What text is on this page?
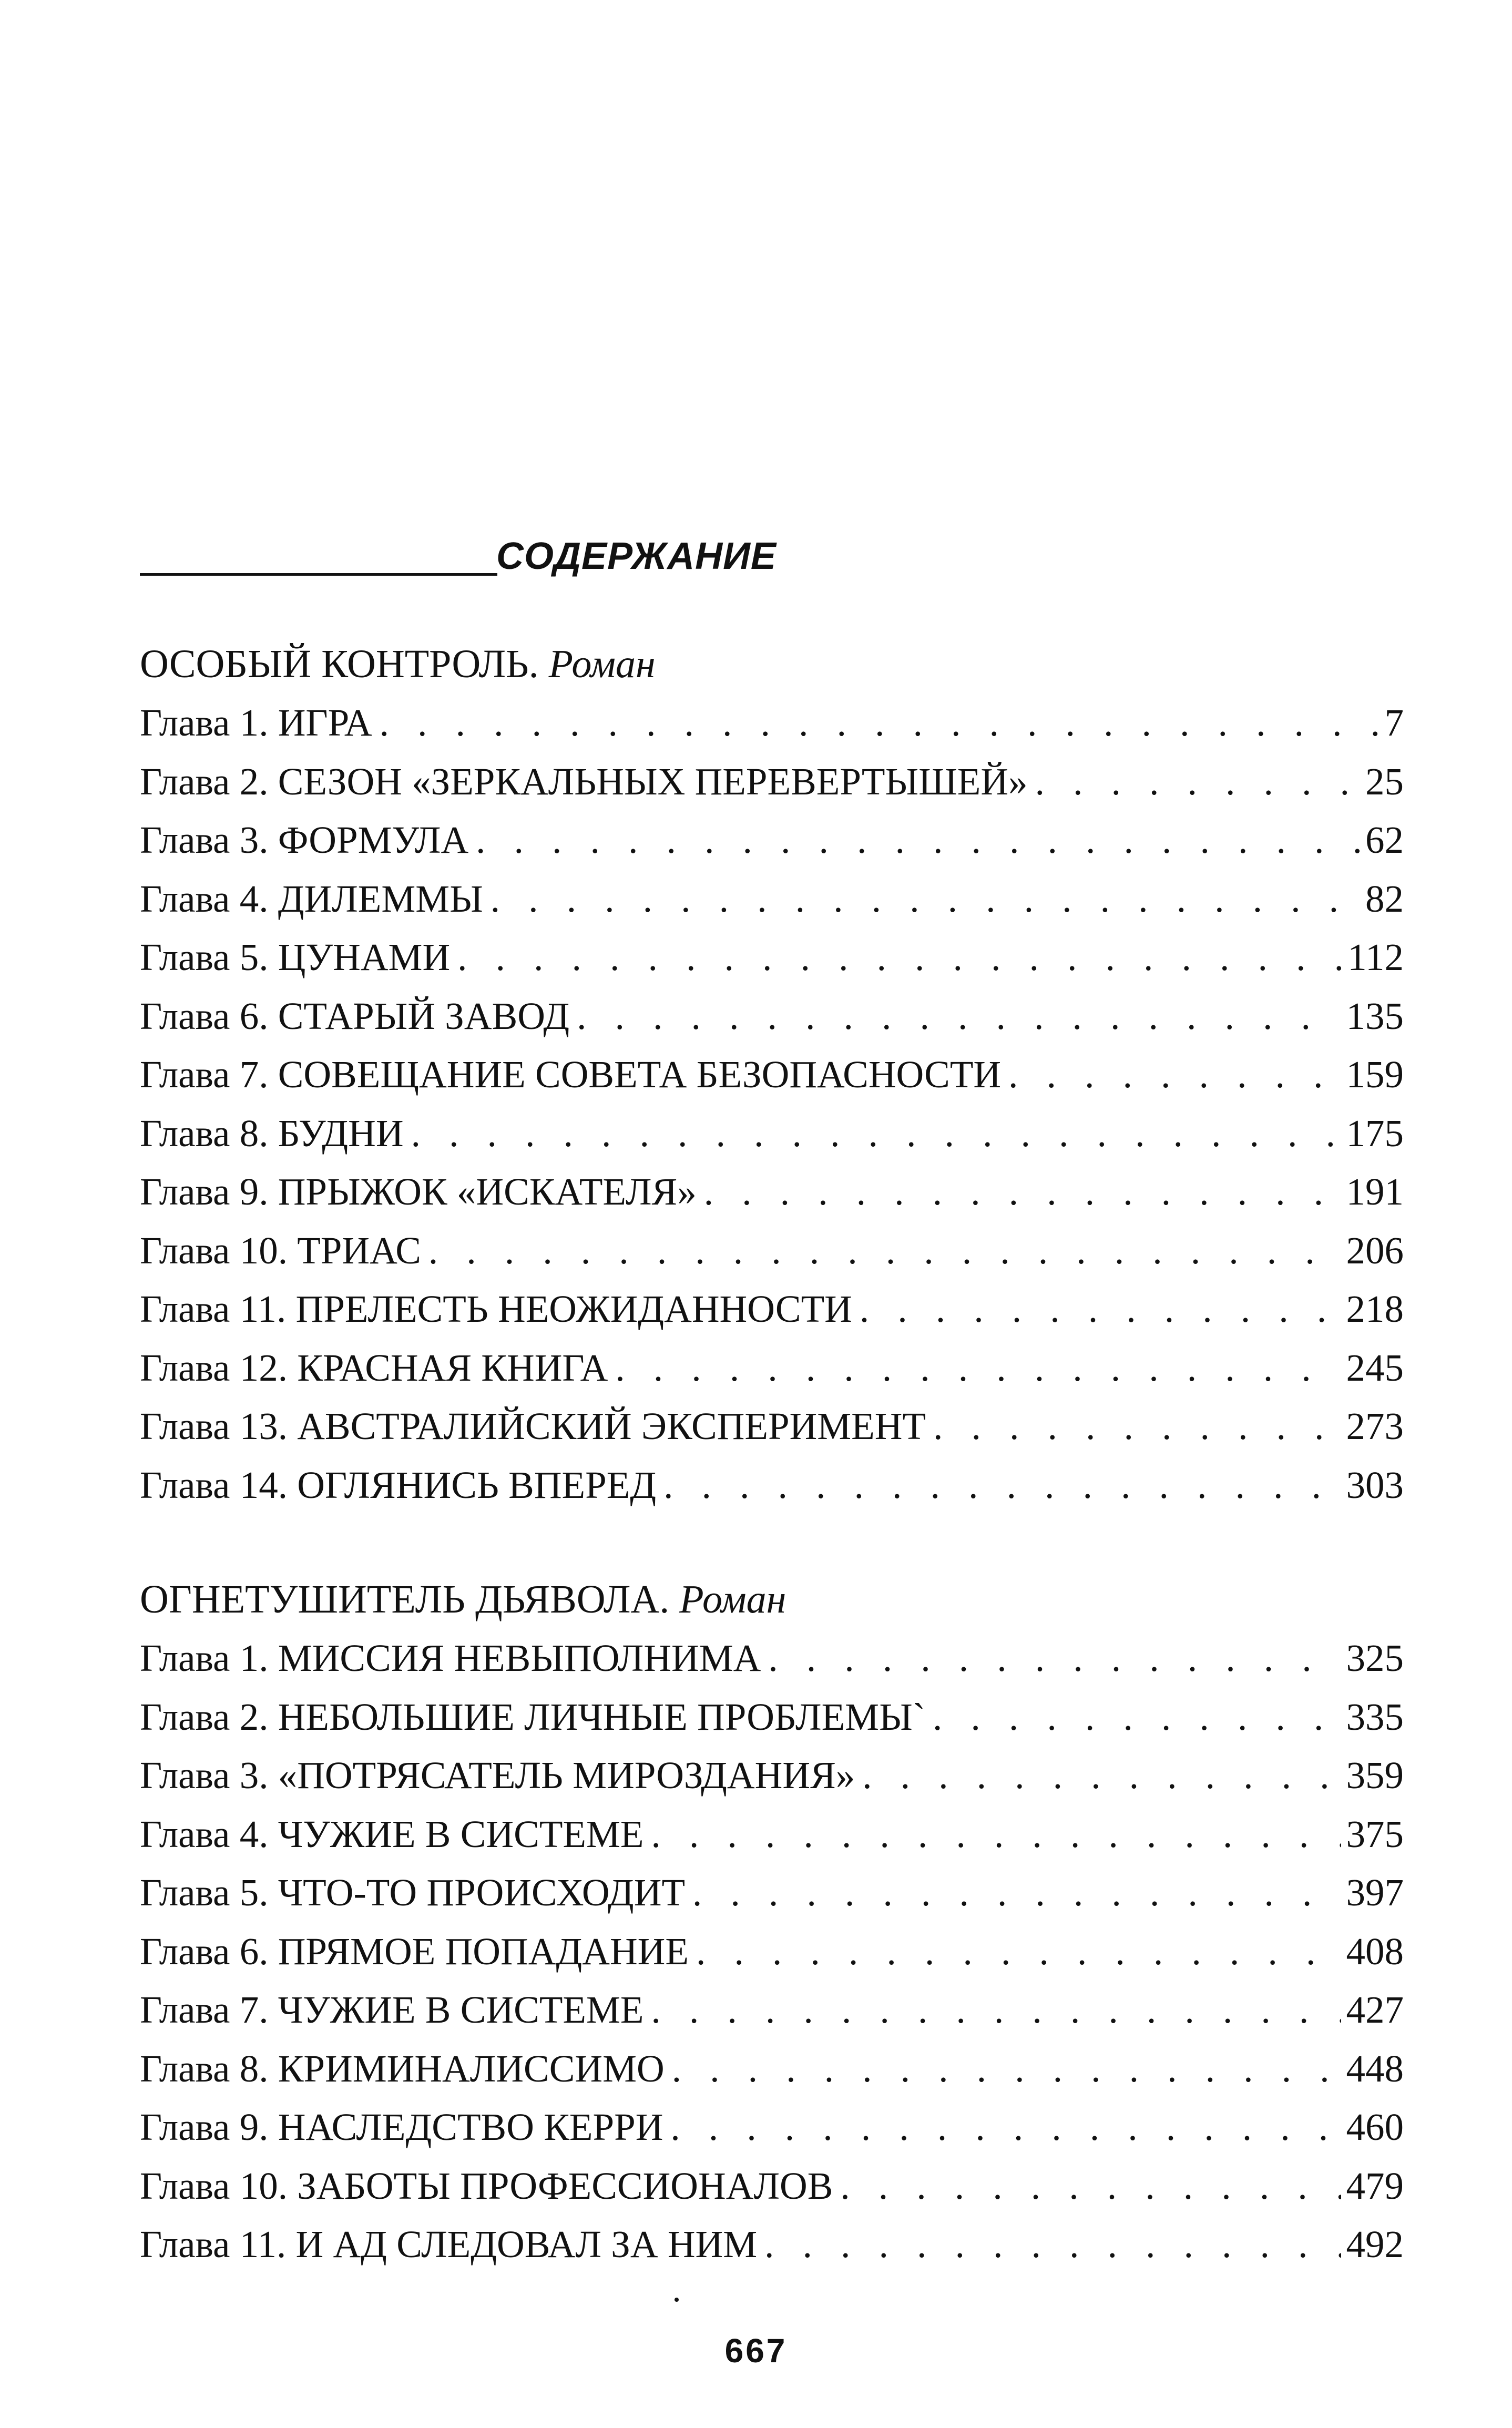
СОДЕРЖАНИЕ
ОСОБЫЙ КОНТРОЛЬ. Роман
Глава 1. ИГРА . . .	7
Глава 2. СЕЗОН «ЗЕРКАЛЬНЫХ ПЕРЕВЕРТЫШЕЙ» . . .	25
Глава 3. ФОРМУЛА . . .	62
Глава 4. ДИЛЕММЫ . . .	82
Глава 5. ЦУНАМИ . . .	112
Глава 6. СТАРЫЙ ЗАВОД . . .	135
Глава 7. СОВЕЩАНИЕ СОВЕТА БЕЗОПАСНОСТИ . . .	159
Глава 8. БУДНИ . . .	175
Глава 9. ПРЫЖОК «ИСКАТЕЛЯ» . . .	191
Глава 10. ТРИАС . . .	206
Глава 11. ПРЕЛЕСТЬ НЕОЖИДАННОСТИ . . .	218
Глава 12. КРАСНАЯ КНИГА . . .	245
Глава 13. АВСТРАЛИЙСКИЙ ЭКСПЕРИМЕНТ . . .	273
Глава 14. ОГЛЯНИСЬ ВПЕРЕД . . .	303
ОГНЕТУШИТЕЛЬ ДЬЯВОЛА. Роман
Глава 1. МИССИЯ НЕВЫПОЛНИМА . . .	325
Глава 2. НЕБОЛЬШИЕ ЛИЧНЫЕ ПРОБЛЕМЫ` . . .	335
Глава 3. «ПОТРЯСАТЕЛЬ МИРОЗДАНИЯ» . . .	359
Глава 4. ЧУЖИЕ В СИСТЕМЕ . . .	375
Глава 5. ЧТО-ТО ПРОИСХОДИТ . . .	397
Глава 6. ПРЯМОЕ ПОПАДАНИЕ . . .	408
Глава 7. ЧУЖИЕ В СИСТЕМЕ . . .	427
Глава 8. КРИМИНАЛИССИМО . . .	448
Глава 9. НАСЛЕДСТВО КЕРРИ . . .	460
Глава 10. ЗАБОТЫ ПРОФЕССИОНАЛОВ . . .	479
Глава 11. И АД СЛЕДОВАЛ ЗА НИМ . . .	492
667
